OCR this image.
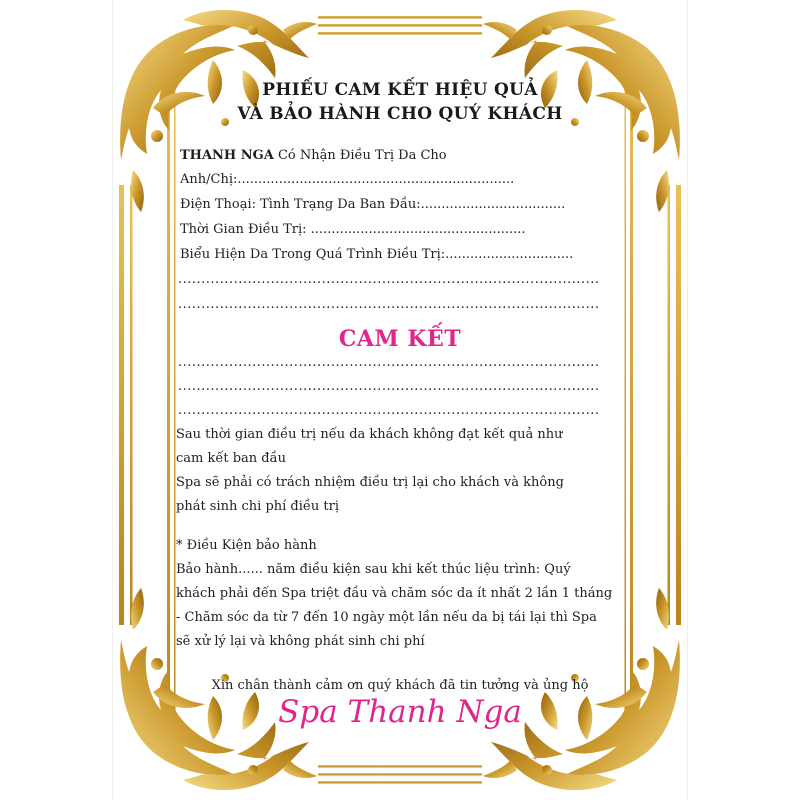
PHIẾU CAM KẾT HIỆU QUẢ
VÀ BẢO HÀNH CHO QUÝ KHÁCH
THANH NGA Có Nhận Điều Trị Da Cho
Anh/Chị:...................................................................
Điện Thoại: Tình Trạng Da Ban Đầu:...................................
Thời Gian Điều Trị: ....................................................
Biểu Hiện Da Trong Quá Trình Điều Trị:...............................
...........................................................................................
...........................................................................................
CAM KẾT
...........................................................................................
...........................................................................................
...........................................................................................
Sau thời gian điều trị nếu da khách không đạt kết quả như
cam kết ban đầu
Spa sẽ phải có trách nhiệm điều trị lại cho khách và không
phát sinh chi phí điều trị
* Điều Kiện bảo hành
Bảo hành...... năm điều kiện sau khi kết thúc liệu trình: Quý
khách phải đến Spa triệt đầu và chăm sóc da ít nhất 2 lần 1 tháng
- Chăm sóc da từ 7 đến 10 ngày một lần nếu da bị tái lại thì Spa
sẽ xử lý lại và không phát sinh chi phí
Xin chân thành cảm ơn quý khách đã tin tưởng và ủng hộ
Spa Thanh Nga
